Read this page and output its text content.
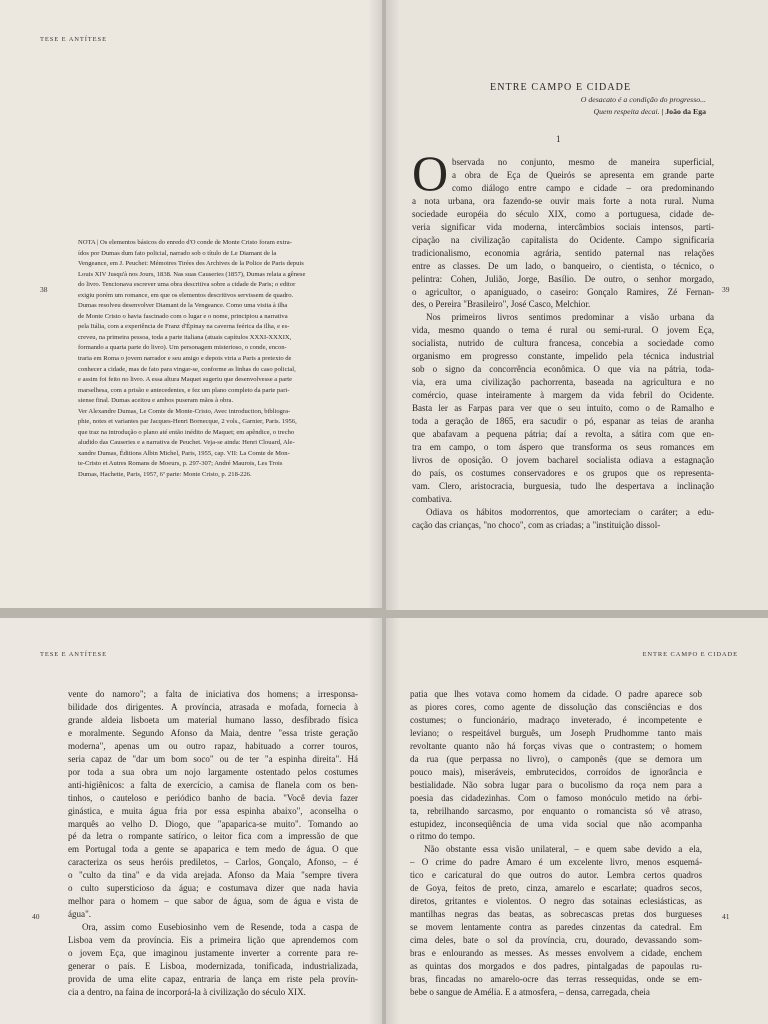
TESE E ANTÍTESE
38

NOTA | Os elementos básicos do enredo d'O conde de Monte Cristo foram extra-

ídos por Dumas dum fato policial, narrado sob o título de Le Diamant de la

Vengeance, em J. Peuchet: Mémoires Tirées des Archives de la Police de Paris depuis

Louis XIV Jusqu'à nos Jours, 1838. Nas suas Causeries (1857), Dumas relata a gênese

do livro. Tencionava escrever uma obra descritiva sobre a cidade de Paris; o editor

exigiu porém um romance, em que os elementos descritivos servissem de quadro.

Dumas resolveu desenvolver Diamant de la Vengeance. Como uma visita à ilha

de Monte Cristo o havia fascinado com o lugar e o nome, principiou a narrativa

pela Itália, com a experiência de Franz d'Épinay na caverna feérica da ilha, e es-

creveu, na primeira pessoa, toda a parte italiana (atuais capítulos XXXI-XXXIX,

formando a quarta parte do livro). Um personagem misterioso, o conde, encon-

traria em Roma o jovem narrador e seu amigo e depois viria a Paris a pretexto de

conhecer a cidade, mas de fato para vingar-se, conforme as linhas do caso policial,

e assim foi feito no livro. A essa altura Maquet sugeriu que desenvolvesse a parte

marselhesa, com a prisão e antecedentes, e fez um plano completo da parte pari-

siense final. Dumas aceitou e ambos puseram mãos à obra.

Ver Alexandre Dumas, Le Comte de Monte-Cristo, Avec introduction, bibliogra-

phie, notes et variantes par Jacques-Henri Bornecque, 2 vols., Garnier, Paris. 1956,

que traz na introdução o plano até então inédito de Maquet; em apêndice, o trecho

aludido das Causeries e a narrativa de Peuchet. Veja-se ainda: Henri Clouard, Ale-

xandre Dumas, Éditions Albin Michel, Paris, 1955, cap. VII: La Comte de Mon-

te-Cristo et Autres Romans de Moeurs, p. 297-307; André Maurois, Les Trois

Dumas, Hachette, Paris, 1957, 6ª parte: Monte Cristo, p. 218-226.

ENTRE CAMPO E CIDADE
O desacato é a condição do progresso...
Quem respeita decai. | João da Ega
1
O bservada no conjunto, mesmo de maneira superficial,
a obra de Eça de Queirós se apresenta em grande parte
como diálogo entre campo e cidade – ora predominando
a nota urbana, ora fazendo-se ouvir mais forte a nota rural. Numa
sociedade européia do século XIX, como a portuguesa, cidade de-
veria significar vida moderna, intercâmbios sociais intensos, parti-
cipação na civilização capitalista do Ocidente. Campo significaria
tradicionalismo, economia agrária, sentido paternal nas relações
entre as classes. De um lado, o banqueiro, o cientista, o técnico, o
pelintra: Cohen, Julião, Jorge, Basílio. De outro, o senhor morgado,
o agricultor, o apaniguado, o caseiro: Gonçalo Ramires, Zé Fernan-
des, o Pereira "Brasileiro", José Casco, Melchior.
Nos primeiros livros sentimos predominar a visão urbana da
vida, mesmo quando o tema é rural ou semi-rural. O jovem Eça,
socialista, nutrido de cultura francesa, concebia a sociedade como
organismo em progresso constante, impelido pela técnica industrial
sob o signo da concorrência econômica. O que via na pátria, toda-
via, era uma civilização pachorrenta, baseada na agricultura e no
comércio, quase inteiramente à margem da vida febril do Ocidente.
Basta ler as Farpas para ver que o seu intuito, como o de Ramalho e
toda a geração de 1865, era sacudir o pó, espanar as teias de aranha
que abafavam a pequena pátria; daí a revolta, a sátira com que en-
tra em campo, o tom áspero que transforma os seus romances em
livros de oposição. O jovem bacharel socialista odiava a estagnação
do país, os costumes conservadores e os grupos que os representa-
vam. Clero, aristocracia, burguesia, tudo lhe despertava a inclinação
combativa.
Odiava os hábitos modorrentos, que amorteciam o caráter; a edu-
cação das crianças, "no choco", com as criadas; a "instituição dissol-
39
TESE E ANTÍTESE
40
vente do namoro"; a falta de iniciativa dos homens; a irresponsa-
bilidade dos dirigentes. A província, atrasada e mofada, fornecia à
grande aldeia lisboeta um material humano lasso, desfibrado física
e moralmente. Segundo Afonso da Maia, dentre "essa triste geração
moderna", apenas um ou outro rapaz, habituado a correr touros,
seria capaz de "dar um bom soco" ou de ter "a espinha direita". Há
por toda a sua obra um nojo largamente ostentado pelos costumes
anti-higiênicos: a falta de exercício, a camisa de flanela com os ben-
tinhos, o cauteloso e periódico banho de bacia. "Você devia fazer
ginástica, e muita água fria por essa espinha abaixo", aconselha o
marquês ao velho D. Diogo, que "apaparica-se muito". Tomando ao
pé da letra o rompante satírico, o leitor fica com a impressão de que
em Portugal toda a gente se apaparica e tem medo de água. O que
caracteriza os seus heróis prediletos, – Carlos, Gonçalo, Afonso, – é
o "culto da tina" e da vida arejada. Afonso da Maia "sempre tivera
o culto supersticioso da água; e costumava dizer que nada havia
melhor para o homem – que sabor de água, som de água e vista de
água".
Ora, assim como Eusebiosinho vem de Resende, toda a caspa de
Lisboa vem da província. Eis a primeira lição que aprendemos com
o jovem Eça, que imaginou justamente inverter a corrente para re-
generar o país. E Lisboa, modernizada, tonificada, industrializada,
provida de uma elite capaz, entraria de lança em riste pela provín-
cia a dentro, na faina de incorporá-la à civilização do século XIX.
ENTRE CAMPO E CIDADE
41
patia que lhes votava como homem da cidade. O padre aparece sob
as piores cores, como agente de dissolução das consciências e dos
costumes; o funcionário, madraço inveterado, é incompetente e
leviano; o respeitável burguês, um Joseph Prudhomme tanto mais
revoltante quanto não há forças vivas que o contrastem; o homem
da rua (que perpassa no livro), o camponês (que se demora um
pouco mais), miseráveis, embrutecidos, corroídos de ignorância e
bestialidade. Não sobra lugar para o bucolismo da roça nem para a
poesia das cidadezinhas. Com o famoso monóculo metido na órbi-
ta, rebrilhando sarcasmo, por enquanto o romancista só vê atraso,
estupidez, inconseqüência de uma vida social que não acompanha
o ritmo do tempo.
Não obstante essa visão unilateral, – e quem sabe devido a ela,
– O crime do padre Amaro é um excelente livro, menos esquemá-
tico e caricatural do que outros do autor. Lembra certos quadros
de Goya, feitos de preto, cinza, amarelo e escarlate; quadros secos,
diretos, gritantes e violentos. O negro das sotainas eclesiásticas, as
mantilhas negras das beatas, as sobrecascas pretas dos burgueses
se movem lentamente contra as paredes cinzentas da catedral. Em
cima deles, bate o sol da província, cru, dourado, devassando som-
bras e enlourando as messes. As messes envolvem a cidade, enchem
as quintas dos morgados e dos padres, pintalgadas de papoulas ru-
bras, fincadas no amarelo-ocre das terras ressequidas, onde se em-
bebe o sangue de Amélia. E a atmosfera, – densa, carregada, cheia
